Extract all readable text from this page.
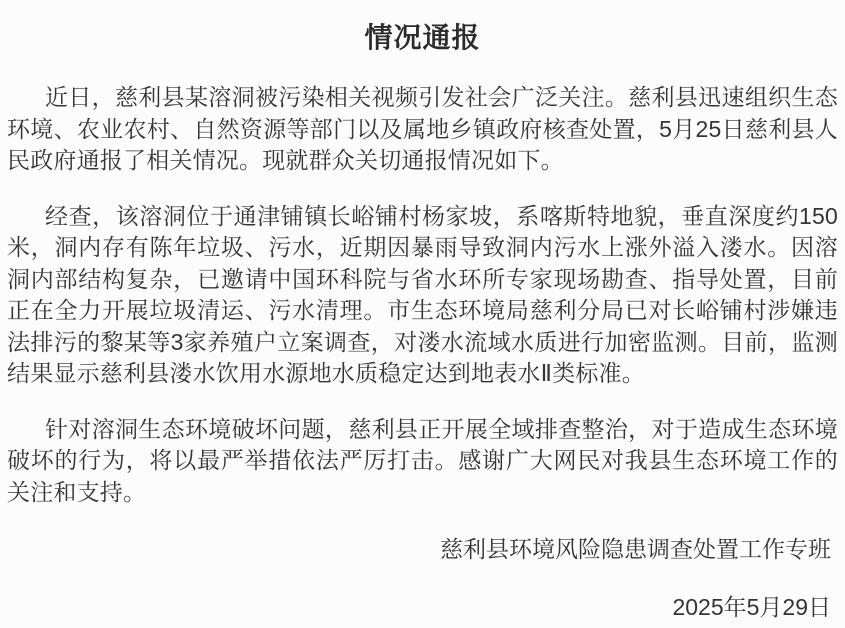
情况通报

近日，慈利县某溶洞被污染相关视频引发社会广泛关注。慈利县迅速组织生态环境、农业农村、自然资源等部门以及属地乡镇政府核查处置，5月25日慈利县人民政府通报了相关情况。现就群众关切通报情况如下。

经查，该溶洞位于通津铺镇长峪铺村杨家坡，系喀斯特地貌，垂直深度约150米，洞内存有陈年垃圾、污水，近期因暴雨导致洞内污水上涨外溢入溇水。因溶洞内部结构复杂，已邀请中国环科院与省水环所专家现场勘查、指导处置，目前正在全力开展垃圾清运、污水清理。市生态环境局慈利分局已对长峪铺村涉嫌违法排污的黎某等3家养殖户立案调查，对溇水流域水质进行加密监测。目前，监测结果显示慈利县溇水饮用水源地水质稳定达到地表水Ⅱ类标准。

针对溶洞生态环境破坏问题，慈利县正开展全域排查整治，对于造成生态环境破坏的行为，将以最严举措依法严厉打击。感谢广大网民对我县生态环境工作的关注和支持。

慈利县环境风险隐患调查处置工作专班
2025年5月29日
